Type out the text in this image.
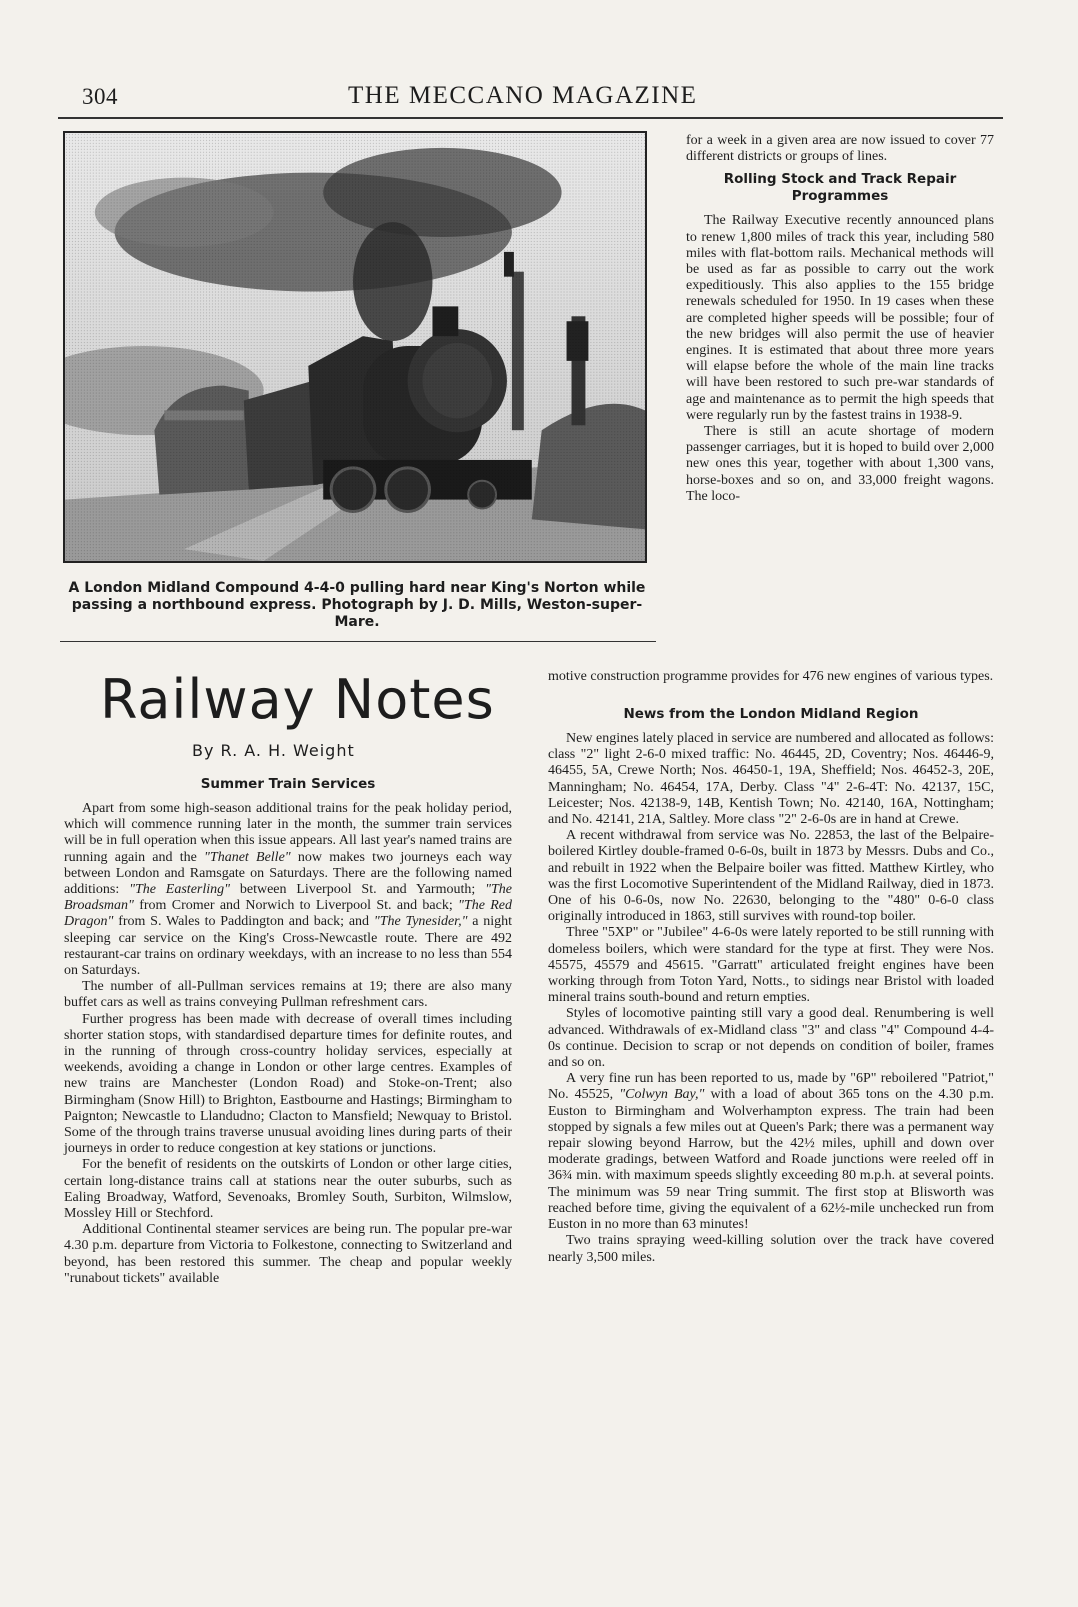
304	THE MECCANO MAGAZINE
A London Midland Compound 4-4-0 pulling hard near King's Norton while passing a northbound express. Photograph by J. D. Mills, Weston-super-Mare.
Railway Notes
By R. A. H. Weight
Summer Train Services

Apart from some high-season additional trains for the peak holiday period, which will commence running later in the month, the summer train services will be in full operation when this issue appears. All last year's named trains are running again and the "Thanet Belle" now makes two journeys each way between London and Ramsgate on Saturdays. There are the following named additions: "The Easterling" between Liverpool St. and Yarmouth; "The Broadsman" from Cromer and Norwich to Liverpool St. and back; "The Red Dragon" from S. Wales to Paddington and back; and "The Tynesider," a night sleeping car service on the King's Cross-Newcastle route. There are 492 restaurant-car trains on ordinary weekdays, with an increase to no less than 554 on Saturdays.

The number of all-Pullman services remains at 19; there are also many buffet cars as well as trains conveying Pullman refreshment cars.

Further progress has been made with decrease of overall times including shorter station stops, with standardised departure times for definite routes, and in the running of through cross-country holiday services, especially at weekends, avoiding a change in London or other large centres. Examples of new trains are Manchester (London Road) and Stoke-on-Trent; also Birmingham (Snow Hill) to Brighton, Eastbourne and Hastings; Birmingham to Paignton; Newcastle to Llandudno; Clacton to Mansfield; Newquay to Bristol. Some of the through trains traverse unusual avoiding lines during parts of their journeys in order to reduce congestion at key stations or junctions.

For the benefit of residents on the outskirts of London or other large cities, certain long-distance trains call at stations near the outer suburbs, such as Ealing Broadway, Watford, Sevenoaks, Bromley South, Surbiton, Wilmslow, Mossley Hill or Stechford.

Additional Continental steamer services are being run. The popular pre-war 4.30 p.m. departure from Victoria to Folkestone, connecting to Switzerland and beyond, has been restored this summer. The cheap and popular weekly "runabout tickets" available

for a week in a given area are now issued to cover 77 different districts or groups of lines.

Rolling Stock and Track Repair Programmes

The Railway Executive recently announced plans to renew 1,800 miles of track this year, including 580 miles with flat-bottom rails. Mechanical methods will be used as far as possible to carry out the work expeditiously. This also applies to the 155 bridge renewals scheduled for 1950. In 19 cases when these are completed higher speeds will be possible; four of the new bridges will also permit the use of heavier engines. It is estimated that about three more years will elapse before the whole of the main line tracks will have been restored to such pre-war standards of age and maintenance as to permit the high speeds that were regularly run by the fastest trains in 1938-9.

There is still an acute shortage of modern passenger carriages, but it is hoped to build over 2,000 new ones this year, together with about 1,300 vans, horse-boxes and so on, and 33,000 freight wagons. The loco-

motive construction programme provides for 476 new engines of various types.

News from the London Midland Region

New engines lately placed in service are numbered and allocated as follows: class "2" light 2-6-0 mixed traffic: No. 46445, 2D, Coventry; Nos. 46446-9, 46455, 5A, Crewe North; Nos. 46450-1, 19A, Sheffield; Nos. 46452-3, 20E, Manningham; No. 46454, 17A, Derby. Class "4" 2-6-4T: No. 42137, 15C, Leicester; Nos. 42138-9, 14B, Kentish Town; No. 42140, 16A, Nottingham; and No. 42141, 21A, Saltley. More class "2" 2-6-0s are in hand at Crewe.

A recent withdrawal from service was No. 22853, the last of the Belpaire-boilered Kirtley double-framed 0-6-0s, built in 1873 by Messrs. Dubs and Co., and rebuilt in 1922 when the Belpaire boiler was fitted. Matthew Kirtley, who was the first Locomotive Superintendent of the Midland Railway, died in 1873. One of his 0-6-0s, now No. 22630, belonging to the "480" 0-6-0 class originally introduced in 1863, still survives with round-top boiler.

Three "5XP" or "Jubilee" 4-6-0s were lately reported to be still running with domeless boilers, which were standard for the type at first. They were Nos. 45575, 45579 and 45615. "Garratt" articulated freight engines have been working through from Toton Yard, Notts., to sidings near Bristol with loaded mineral trains south-bound and return empties.

Styles of locomotive painting still vary a good deal. Renumbering is well advanced. Withdrawals of ex-Midland class "3" and class "4" Compound 4-4-0s continue. Decision to scrap or not depends on condition of boiler, frames and so on.

A very fine run has been reported to us, made by "6P" reboilered "Patriot," No. 45525, "Colwyn Bay," with a load of about 365 tons on the 4.30 p.m. Euston to Birmingham and Wolverhampton express. The train had been stopped by signals a few miles out at Queen's Park; there was a permanent way repair slowing beyond Harrow, but the 42½ miles, uphill and down over moderate gradings, between Watford and Roade junctions were reeled off in 36¾ min. with maximum speeds slightly exceeding 80 m.p.h. at several points. The minimum was 59 near Tring summit. The first stop at Blisworth was reached before time, giving the equivalent of a 62½-mile unchecked run from Euston in no more than 63 minutes!

Two trains spraying weed-killing solution over the track have covered nearly 3,500 miles.
